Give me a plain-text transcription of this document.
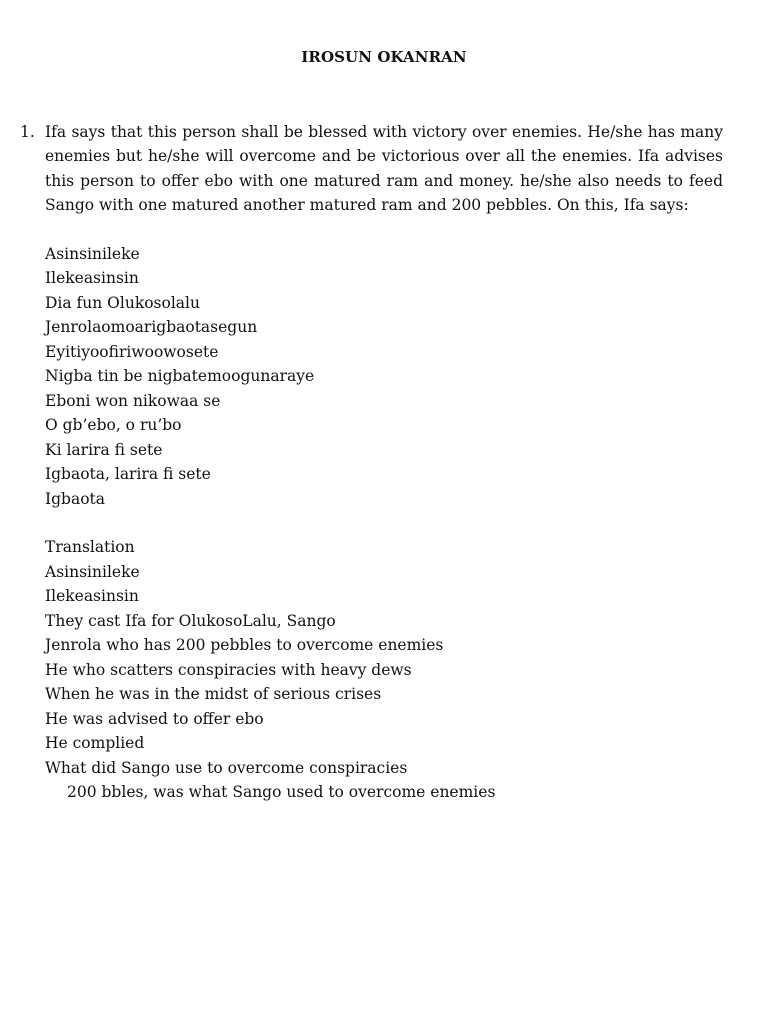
IROSUN OKANRAN
1. Ifa says that this person shall be blessed with victory over enemies. He/she has many enemies but he/she will overcome and be victorious over all the enemies. Ifa advises this person to offer ebo with one matured ram and money. he/she also needs to feed Sango with one matured another matured ram and 200 pebbles. On this, Ifa says:

Asinsinileke
Ilekeasinsin
Dia fun Olukosolalu
Jenrolaomoarigbaotasegun
Eyitiyoofiriwoowosete
Nigba tin be nigbatemoogunaraye
Eboni won nikowaa se
O gb’ebo, o ru’bo
Ki larira fi sete
Igbaota, larira fi sete
Igbaota
Translation
Asinsinileke
Ilekeasinsin
They cast Ifa for OlukosoLalu, Sango
Jenrola who has 200 pebbles to overcome enemies
He who scatters conspiracies with heavy dews
When he was in the midst of serious crises
He was advised to offer ebo
He complied
What did Sango use to overcome conspiracies
200 bbles, was what Sango used to overcome enemies
